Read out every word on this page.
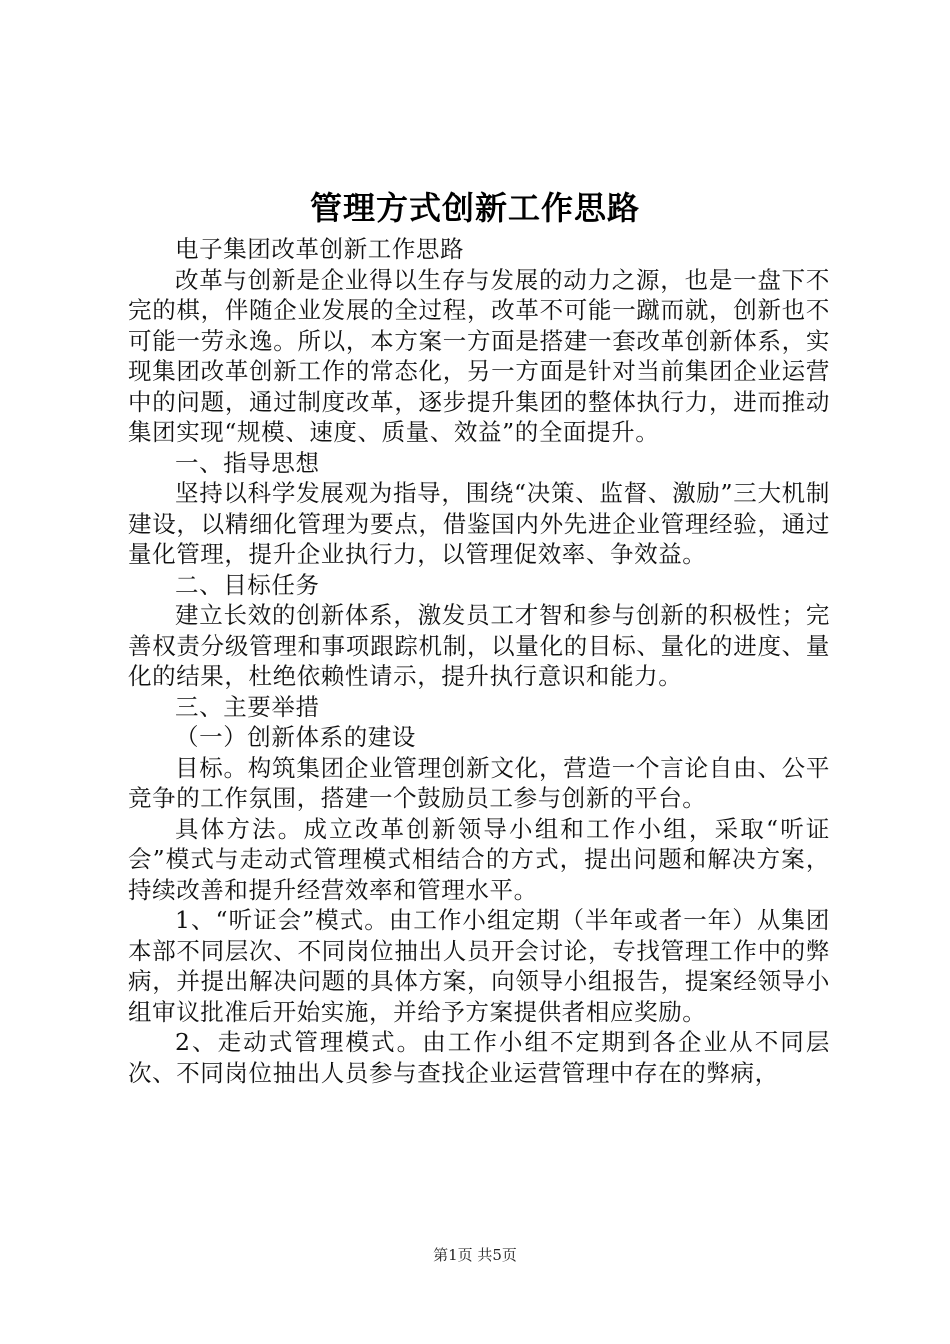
管理方式创新工作思路

电子集团改革创新工作思路

改革与创新是企业得以生存与发展的动力之源，也是一盘下不完的棋，伴随企业发展的全过程，改革不可能一蹴而就，创新也不可能一劳永逸。所以，本方案一方面是搭建一套改革创新体系，实现集团改革创新工作的常态化，另一方面是针对当前集团企业运营中的问题，通过制度改革，逐步提升集团的整体执行力，进而推动集团实现“规模、速度、质量、效益”的全面提升。

一、指导思想

坚持以科学发展观为指导，围绕“决策、监督、激励”三大机制建设，以精细化管理为要点，借鉴国内外先进企业管理经验，通过量化管理，提升企业执行力，以管理促效率、争效益。

二、目标任务

建立长效的创新体系，激发员工才智和参与创新的积极性；完善权责分级管理和事项跟踪机制，以量化的目标、量化的进度、量化的结果，杜绝依赖性请示，提升执行意识和能力。

三、主要举措

（一）创新体系的建设

目标。构筑集团企业管理创新文化，营造一个言论自由、公平竞争的工作氛围，搭建一个鼓励员工参与创新的平台。

具体方法。成立改革创新领导小组和工作小组，采取“听证会”模式与走动式管理模式相结合的方式，提出问题和解决方案，持续改善和提升经营效率和管理水平。

1、“听证会”模式。由工作小组定期（半年或者一年）从集团本部不同层次、不同岗位抽出人员开会讨论，专找管理工作中的弊病，并提出解决问题的具体方案，向领导小组报告，提案经领导小组审议批准后开始实施，并给予方案提供者相应奖励。

2、走动式管理模式。由工作小组不定期到各企业从不同层次、不同岗位抽出人员参与查找企业运营管理中存在的弊病，

第1页 共5页
